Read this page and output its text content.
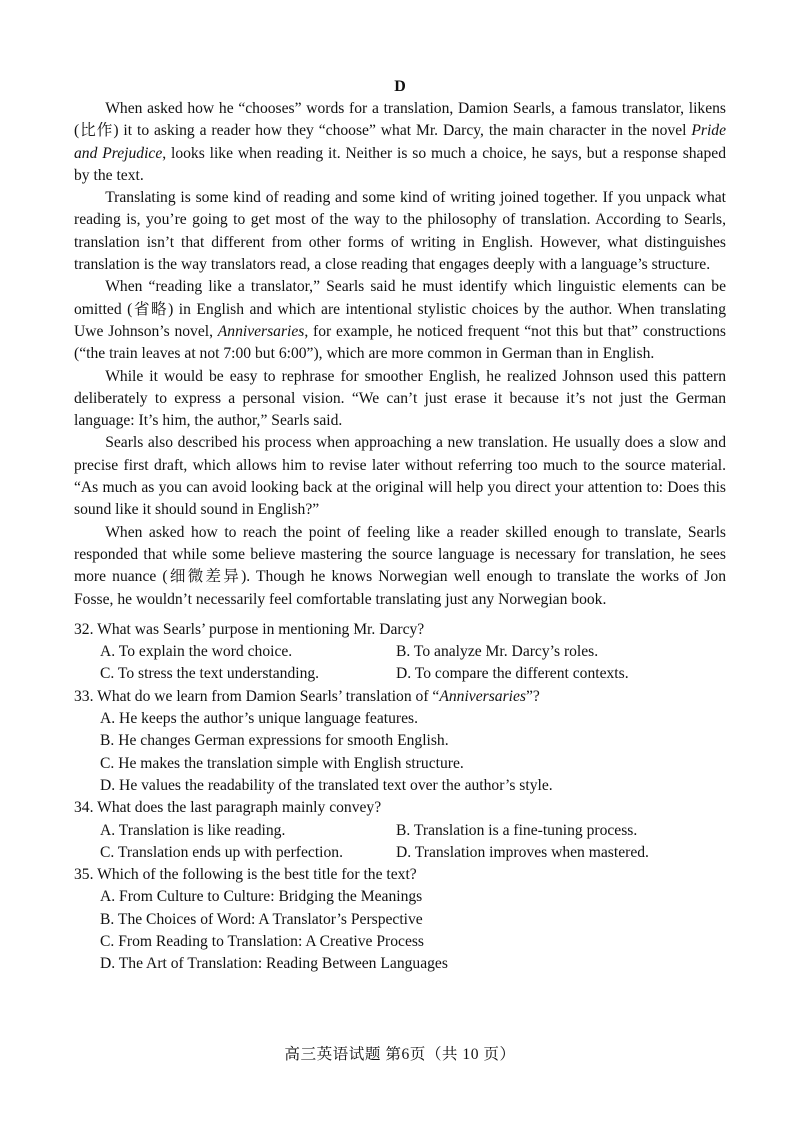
D

When asked how he “chooses” words for a translation, Damion Searls, a famous translator, likens (比作) it to asking a reader how they “choose” what Mr. Darcy, the main character in the novel Pride and Prejudice, looks like when reading it. Neither is so much a choice, he says, but a response shaped by the text.

Translating is some kind of reading and some kind of writing joined together. If you unpack what reading is, you’re going to get most of the way to the philosophy of translation. According to Searls, translation isn’t that different from other forms of writing in English. However, what distinguishes translation is the way translators read, a close reading that engages deeply with a language’s structure.

When “reading like a translator,” Searls said he must identify which linguistic elements can be omitted (省略) in English and which are intentional stylistic choices by the author. When translating Uwe Johnson’s novel, Anniversaries, for example, he noticed frequent “not this but that” constructions (“the train leaves at not 7:00 but 6:00”), which are more common in German than in English.

While it would be easy to rephrase for smoother English, he realized Johnson used this pattern deliberately to express a personal vision. “We can’t just erase it because it’s not just the German language: It’s him, the author,” Searls said.

Searls also described his process when approaching a new translation. He usually does a slow and precise first draft, which allows him to revise later without referring too much to the source material. “As much as you can avoid looking back at the original will help you direct your attention to: Does this sound like it should sound in English?”

When asked how to reach the point of feeling like a reader skilled enough to translate, Searls responded that while some believe mastering the source language is necessary for translation, he sees more nuance (细微差异). Though he knows Norwegian well enough to translate the works of Jon Fosse, he wouldn’t necessarily feel comfortable translating just any Norwegian book.

32. What was Searls’ purpose in mentioning Mr. Darcy?
A. To explain the word choice.	B. To analyze Mr. Darcy’s roles.
C. To stress the text understanding.	D. To compare the different contexts.
33. What do we learn from Damion Searls’ translation of “Anniversaries”?
A. He keeps the author’s unique language features.
B. He changes German expressions for smooth English.
C. He makes the translation simple with English structure.
D. He values the readability of the translated text over the author’s style.
34. What does the last paragraph mainly convey?
A. Translation is like reading.	B. Translation is a fine-tuning process.
C. Translation ends up with perfection.	D. Translation improves when mastered.
35. Which of the following is the best title for the text?
A. From Culture to Culture: Bridging the Meanings
B. The Choices of Word: A Translator’s Perspective
C. From Reading to Translation: A Creative Process
D. The Art of Translation: Reading Between Languages
高三英语试题 第6页（共 10 页）
